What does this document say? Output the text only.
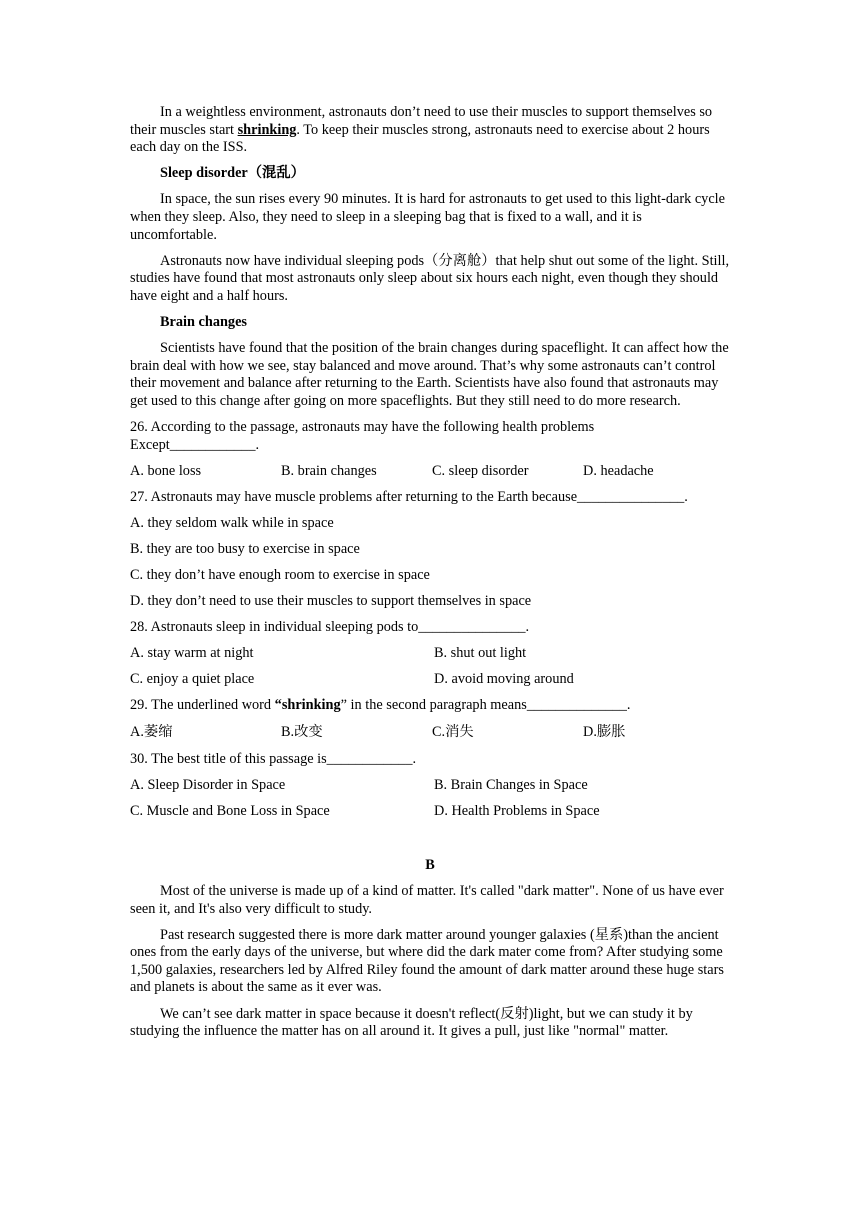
In a weightless environment, astronauts don’t need to use their muscles to support themselves so their muscles start shrinking. To keep their muscles strong, astronauts need to exercise about 2 hours each day on the ISS.

Sleep disorder（混乱）

In space, the sun rises every 90 minutes. It is hard for astronauts to get used to this light-dark cycle when they sleep. Also, they need to sleep in a sleeping bag that is fixed to a wall, and it is uncomfortable.

Astronauts now have individual sleeping pods（分离舱）that help shut out some of the light. Still, studies have found that most astronauts only sleep about six hours each night, even though they should have eight and a half hours.

Brain changes

Scientists have found that the position of the brain changes during spaceflight. It can affect how the brain deal with how we see, stay balanced and move around. That’s why some astronauts can’t control their movement and balance after returning to the Earth. Scientists have also found that astronauts may get used to this change after going on more spaceflights. But they still need to do more research.

26. According to the passage, astronauts may have the following health problems Except____________.

A. bone loss	B. brain changes	C. sleep disorder	D. headache

27. Astronauts may have muscle problems after returning to the Earth because_______________.

A. they seldom walk while in space

B. they are too busy to exercise in space

C. they don’t have enough room to exercise in space

D. they don’t need to use their muscles to support themselves in space

28. Astronauts sleep in individual sleeping pods to_______________.

A. stay warm at night	B. shut out light
C. enjoy a quiet place	D. avoid moving around

29. The underlined word “shrinking” in the second paragraph means______________.

A.萎缩	B.改变	C.消失	D.膨胀

30. The best title of this passage is____________.

A. Sleep Disorder in Space	B. Brain Changes in Space
C. Muscle and Bone Loss in Space	D. Health Problems in Space

B

Most of the universe is made up of a kind of matter. It's called "dark matter". None of us have ever seen it, and It's also very difficult to study.

Past research suggested there is more dark matter around younger galaxies (星系)than the ancient ones from the early days of the universe, but where did the dark mater come from? After studying some 1,500 galaxies, researchers led by Alfred Riley found the amount of dark matter around these huge stars and planets is about the same as it ever was.

We can’t see dark matter in space because it doesn't reflect(反射)light, but we can study it by studying the influence the matter has on all around it. It gives a pull, just like "normal" matter.
